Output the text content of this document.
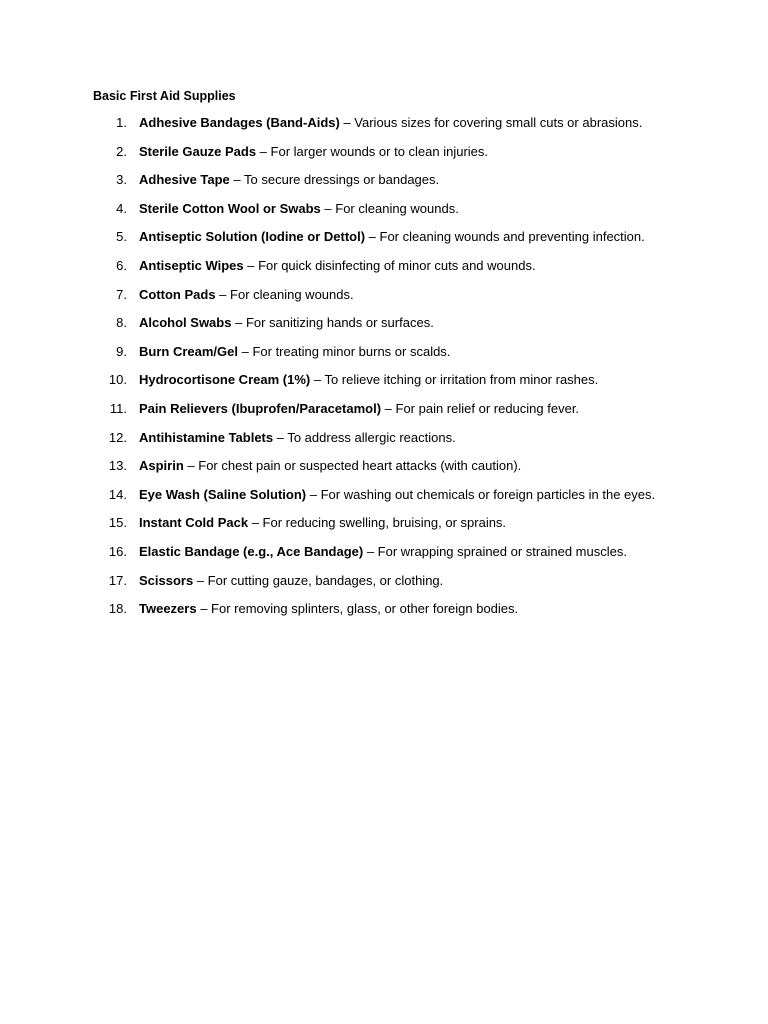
Basic First Aid Supplies
1. Adhesive Bandages (Band-Aids) – Various sizes for covering small cuts or abrasions.
2. Sterile Gauze Pads – For larger wounds or to clean injuries.
3. Adhesive Tape – To secure dressings or bandages.
4. Sterile Cotton Wool or Swabs – For cleaning wounds.
5. Antiseptic Solution (Iodine or Dettol) – For cleaning wounds and preventing infection.
6. Antiseptic Wipes – For quick disinfecting of minor cuts and wounds.
7. Cotton Pads – For cleaning wounds.
8. Alcohol Swabs – For sanitizing hands or surfaces.
9. Burn Cream/Gel – For treating minor burns or scalds.
10. Hydrocortisone Cream (1%) – To relieve itching or irritation from minor rashes.
11. Pain Relievers (Ibuprofen/Paracetamol) – For pain relief or reducing fever.
12. Antihistamine Tablets – To address allergic reactions.
13. Aspirin – For chest pain or suspected heart attacks (with caution).
14. Eye Wash (Saline Solution) – For washing out chemicals or foreign particles in the eyes.
15. Instant Cold Pack – For reducing swelling, bruising, or sprains.
16. Elastic Bandage (e.g., Ace Bandage) – For wrapping sprained or strained muscles.
17. Scissors – For cutting gauze, bandages, or clothing.
18. Tweezers – For removing splinters, glass, or other foreign bodies.
